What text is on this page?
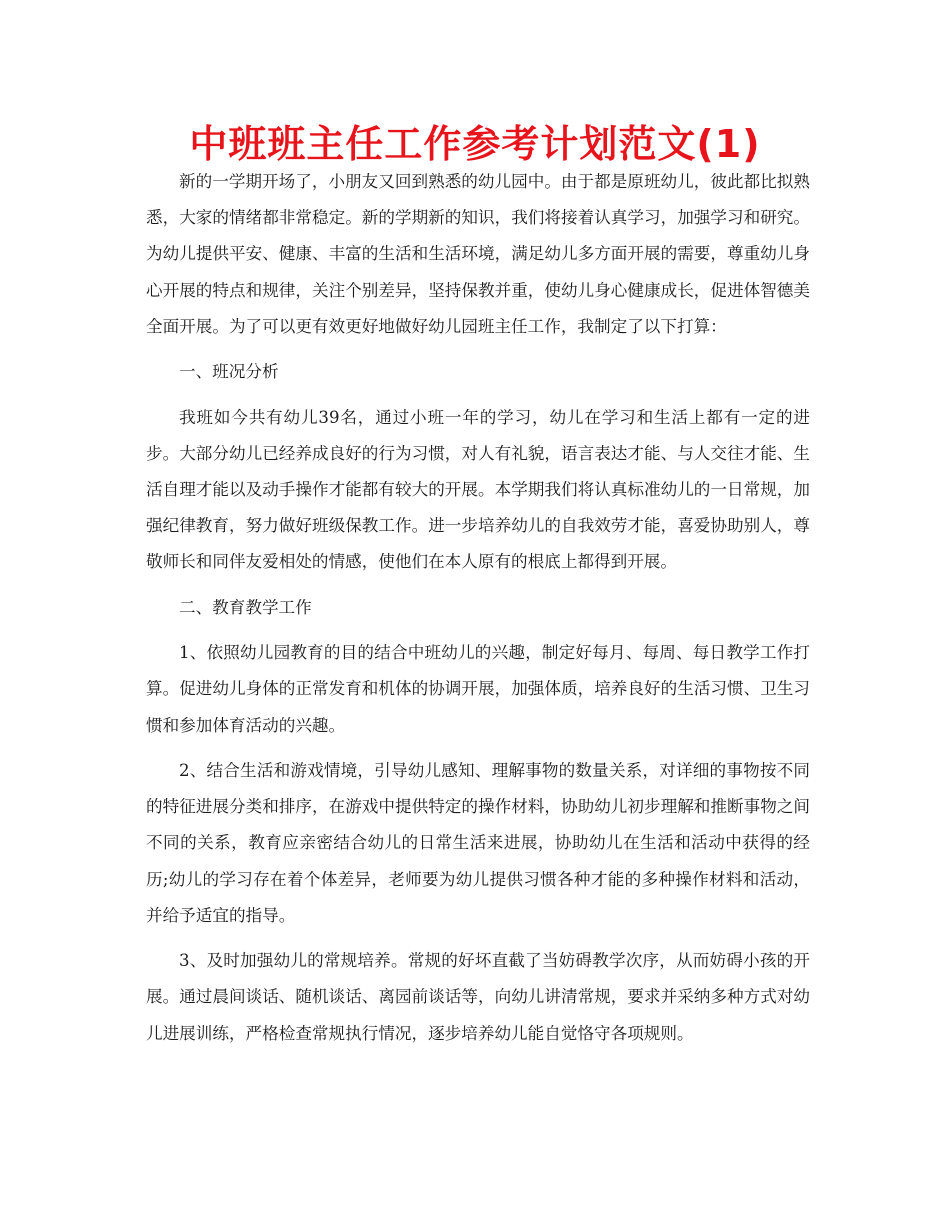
中班班主任工作参考计划范文(1)

新的一学期开场了，小朋友又回到熟悉的幼儿园中。由于都是原班幼儿，彼此都比拟熟悉，大家的情绪都非常稳定。新的学期新的知识，我们将接着认真学习，加强学习和研究。为幼儿提供平安、健康、丰富的生活和生活环境，满足幼儿多方面开展的需要，尊重幼儿身心开展的特点和规律，关注个别差异，坚持保教并重，使幼儿身心健康成长，促进体智德美全面开展。为了可以更有效更好地做好幼儿园班主任工作，我制定了以下打算：

一、班况分析

我班如今共有幼儿39名，通过小班一年的学习，幼儿在学习和生活上都有一定的进步。大部分幼儿已经养成良好的行为习惯，对人有礼貌，语言表达才能、与人交往才能、生活自理才能以及动手操作才能都有较大的开展。本学期我们将认真标准幼儿的一日常规，加强纪律教育，努力做好班级保教工作。进一步培养幼儿的自我效劳才能，喜爱协助别人，尊敬师长和同伴友爱相处的情感，使他们在本人原有的根底上都得到开展。

二、教育教学工作

1、依照幼儿园教育的目的结合中班幼儿的兴趣，制定好每月、每周、每日教学工作打算。促进幼儿身体的正常发育和机体的协调开展，加强体质，培养良好的生活习惯、卫生习惯和参加体育活动的兴趣。

2、结合生活和游戏情境，引导幼儿感知、理解事物的数量关系，对详细的事物按不同的特征进展分类和排序，在游戏中提供特定的操作材料，协助幼儿初步理解和推断事物之间不同的关系，教育应亲密结合幼儿的日常生活来进展，协助幼儿在生活和活动中获得的经历;幼儿的学习存在着个体差异，老师要为幼儿提供习惯各种才能的多种操作材料和活动，并给予适宜的指导。

3、及时加强幼儿的常规培养。常规的好坏直截了当妨碍教学次序，从而妨碍小孩的开展。通过晨间谈话、随机谈话、离园前谈话等，向幼儿讲清常规，要求并采纳多种方式对幼儿进展训练，严格检查常规执行情况，逐步培养幼儿能自觉恪守各项规则。
